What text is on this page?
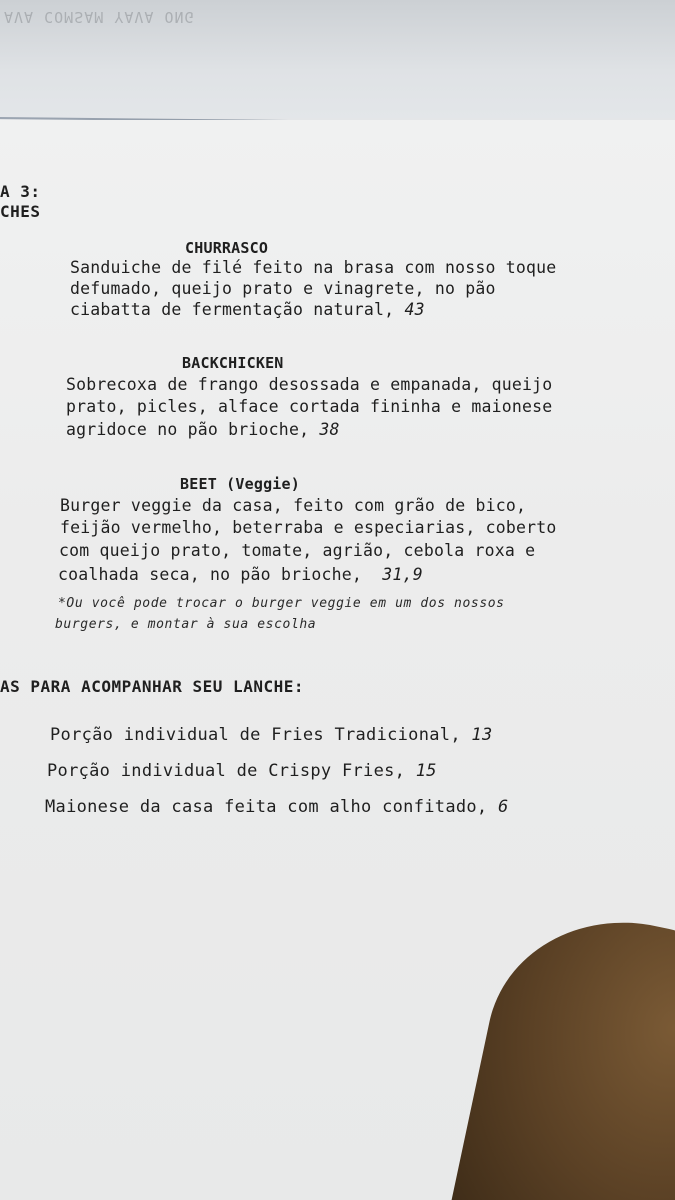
AVA COMSAM YAVA ONG
A 3:
CHES
CHURRASCO
Sanduiche de filé feito na brasa com nosso toque
defumado, queijo prato e vinagrete, no pão
ciabatta de fermentação natural, 43
BACKCHICKEN
Sobrecoxa de frango desossada e empanada, queijo
prato, picles, alface cortada fininha e maionese
agridoce no pão brioche, 38
BEET (Veggie)
Burger veggie da casa, feito com grão de bico,
feijão vermelho, beterraba e especiarias, coberto
com queijo prato, tomate, agrião, cebola roxa e
coalhada seca, no pão brioche, 31,9
*Ou você pode trocar o burger veggie em um dos nossos
burgers, e montar à sua escolha
AS PARA ACOMPANHAR SEU LANCHE:
Porção individual de Fries Tradicional, 13
Porção individual de Crispy Fries, 15
Maionese da casa feita com alho confitado, 6
